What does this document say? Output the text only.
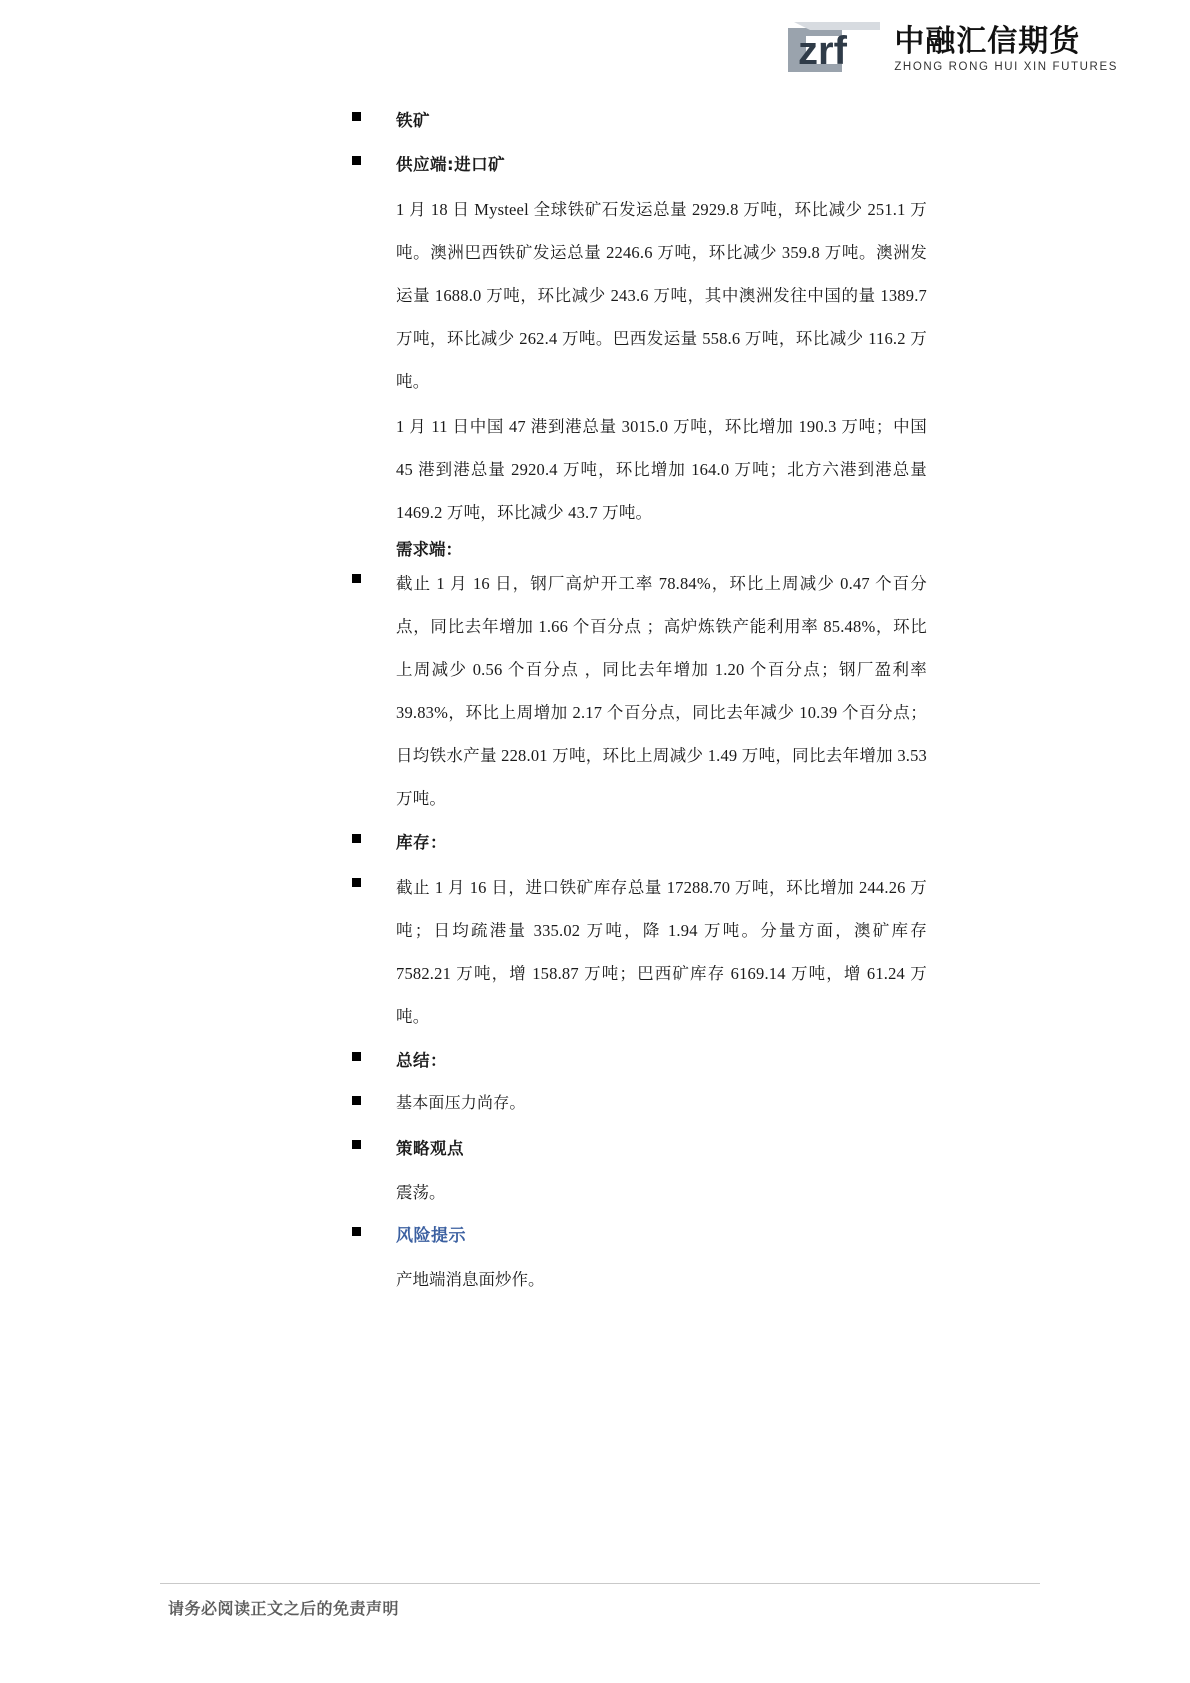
zrf 中融汇信期货
ZHONG RONG HUI XIN FUTURES
铁矿
供应端:进口矿
1 月 18 日 Mysteel 全球铁矿石发运总量 2929.8 万吨，环比减少 251.1 万吨。澳洲巴西铁矿发运总量 2246.6 万吨，环比减少 359.8 万吨。澳洲发运量 1688.0 万吨，环比减少 243.6 万吨，其中澳洲发往中国的量 1389.7 万吨，环比减少 262.4 万吨。巴西发运量 558.6 万吨，环比减少 116.2 万吨。
1 月 11 日中国 47 港到港总量 3015.0 万吨，环比增加 190.3 万吨；中国 45 港到港总量 2920.4 万吨，环比增加 164.0 万吨；北方六港到港总量 1469.2 万吨，环比减少 43.7 万吨。
需求端：
截止 1 月 16 日，钢厂高炉开工率 78.84%，环比上周减少 0.47 个百分点，同比去年增加 1.66 个百分点 ；高炉炼铁产能利用率 85.48%，环比上周减少 0.56 个百分点 ，同比去年增加 1.20 个百分点；钢厂盈利率 39.83%，环比上周增加 2.17 个百分点，同比去年减少 10.39 个百分点；日均铁水产量 228.01 万吨，环比上周减少 1.49 万吨，同比去年增加 3.53 万吨。
库存：
截止 1 月 16 日，进口铁矿库存总量 17288.70 万吨，环比增加 244.26 万吨；日均疏港量 335.02 万吨，降 1.94 万吨。分量方面，澳矿库存 7582.21 万吨，增 158.87 万吨；巴西矿库存 6169.14 万吨，增 61.24 万吨。
总结：
基本面压力尚存。
策略观点
震荡。
风险提示
产地端消息面炒作。
请务必阅读正文之后的免责声明
